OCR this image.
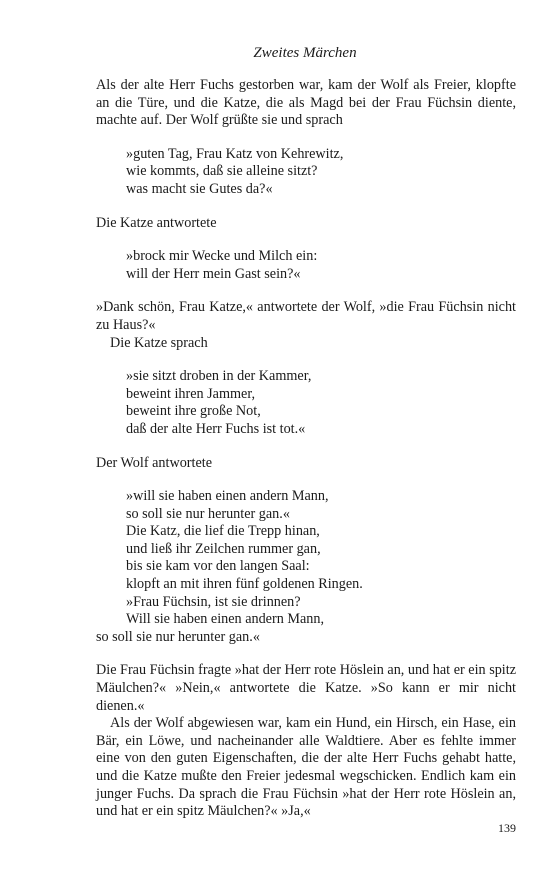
Zweites Märchen

Als der alte Herr Fuchs gestorben war, kam der Wolf als Freier, klopfte an die Türe, und die Katze, die als Magd bei der Frau Füchsin diente, machte auf. Der Wolf grüßte sie und sprach

»guten Tag, Frau Katz von Kehrewitz,
wie kommts, daß sie alleine sitzt?
was macht sie Gutes da?«

Die Katze antwortete

»brock mir Wecke und Milch ein:
will der Herr mein Gast sein?«

»Dank schön, Frau Katze,« antwortete der Wolf, »die Frau Füchsin nicht zu Haus?«

Die Katze sprach

»sie sitzt droben in der Kammer,
beweint ihren Jammer,
beweint ihre große Not,
daß der alte Herr Fuchs ist tot.«

Der Wolf antwortete

»will sie haben einen andern Mann,
so soll sie nur herunter gan.«
Die Katz, die lief die Trepp hinan,
und ließ ihr Zeilchen rummer gan,
bis sie kam vor den langen Saal:
klopft an mit ihren fünf goldenen Ringen.
»Frau Füchsin, ist sie drinnen?
Will sie haben einen andern Mann,
so soll sie nur herunter gan.«

Die Frau Füchsin fragte »hat der Herr rote Höslein an, und hat er ein spitz Mäulchen?« »Nein,« antwortete die Katze. »So kann er mir nicht dienen.«

Als der Wolf abgewiesen war, kam ein Hund, ein Hirsch, ein Hase, ein Bär, ein Löwe, und nacheinander alle Waldtiere. Aber es fehlte immer eine von den guten Eigenschaften, die der alte Herr Fuchs gehabt hatte, und die Katze mußte den Freier jedesmal wegschicken. Endlich kam ein junger Fuchs. Da sprach die Frau Füchsin »hat der Herr rote Höslein an, und hat er ein spitz Mäulchen?« »Ja,«

139
